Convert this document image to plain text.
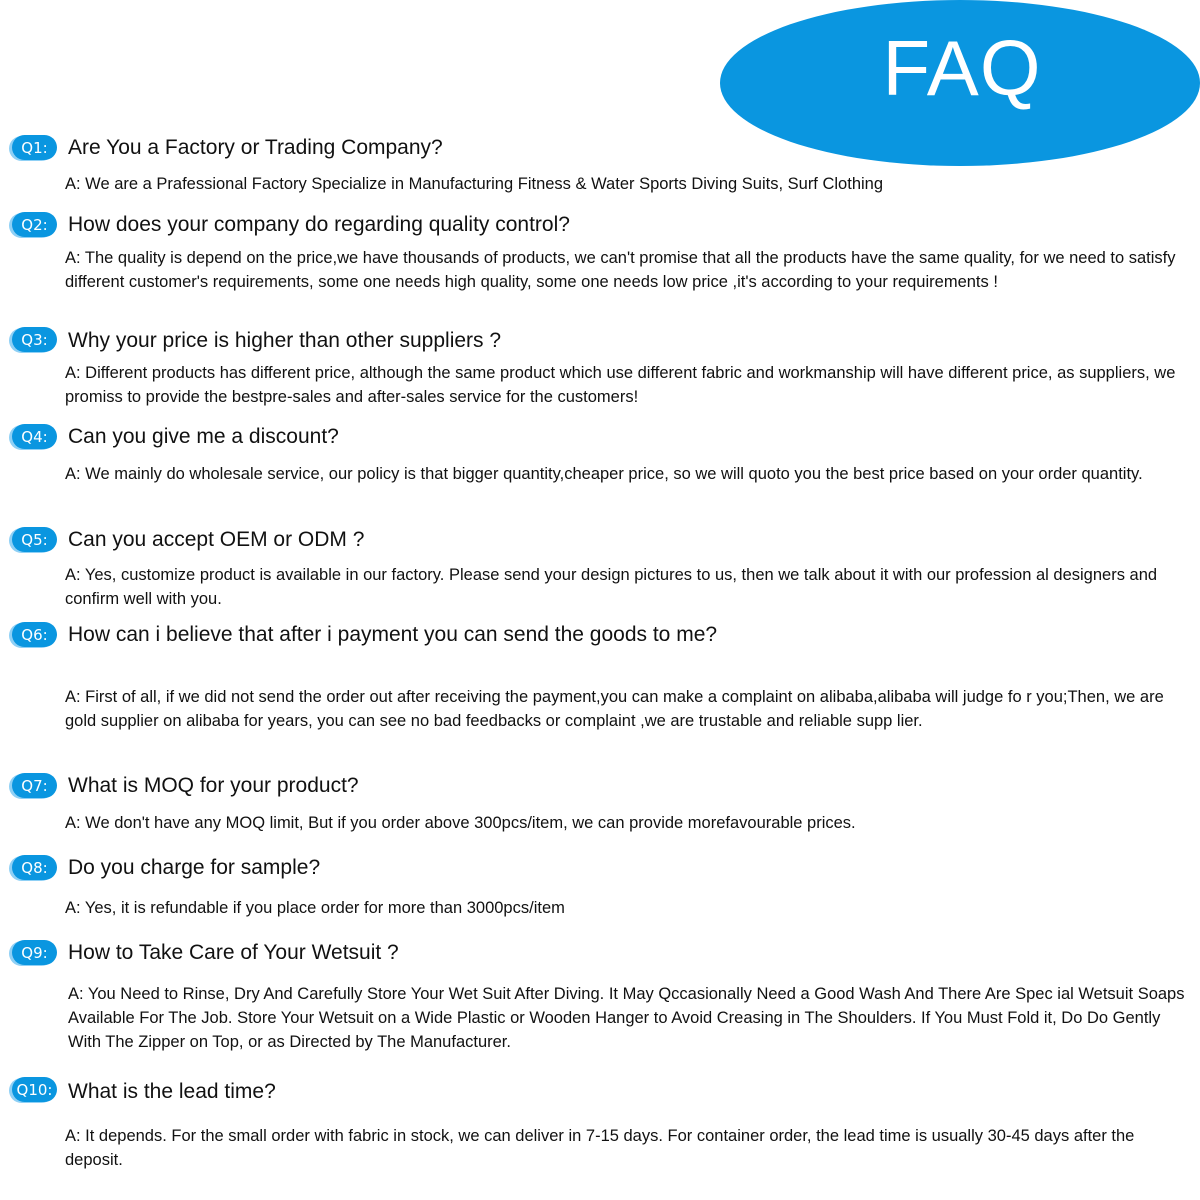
FAQ
Q1: Are You a Factory or Trading Company?
A: We are a Prafessional Factory Specialize in Manufacturing Fitness & Water Sports Diving Suits, Surf Clothing
Q2: How does your company do regarding quality control?
A: The quality is depend on the price,we have thousands of products, we can't promise that all the products have the same quality, for we need to satisfy different customer's requirements, some one needs high quality, some one needs low price ,it's according to your requirements !
Q3: Why your price is higher than other suppliers ?
A: Different products has different price, although the same product which use different fabric and workmanship will have different price, as suppliers, we promiss to provide the bestpre-sales and after-sales service for the customers!
Q4: Can you give me a discount?
A: We mainly do wholesale service, our policy is that bigger quantity,cheaper price, so we will quoto you the best price based on your order quantity.
Q5: Can you accept OEM or ODM ?
A: Yes, customize product is available in our factory. Please send your design pictures to us, then we talk about it with our profession al designers and confirm well with you.
Q6: How can i believe that after i payment you can send the goods to me?
A: First of all, if we did not send the order out after receiving the payment,you can make a complaint on alibaba,alibaba will judge fo r you;Then, we are gold supplier on alibaba for years, you can see no bad feedbacks or complaint ,we are trustable and reliable supp lier.
Q7: What is MOQ for your product?
A: We don't have any MOQ limit, But if you order above 300pcs/item, we can provide morefavourable prices.
Q8: Do you charge for sample?
A: Yes, it is refundable if you place order for more than 3000pcs/item
Q9: How to Take Care of Your Wetsuit ?
A: You Need to Rinse, Dry And Carefully Store Your Wet Suit After Diving. It May Qccasionally Need a Good Wash And There Are Spec ial Wetsuit Soaps Available For The Job. Store Your Wetsuit on a Wide Plastic or Wooden Hanger to Avoid Creasing in The Shoulders. If You Must Fold it, Do Do Gently With The Zipper on Top, or as Directed by The Manufacturer.
Q10: What is the lead time?
A: It depends. For the small order with fabric in stock, we can deliver in 7-15 days. For container order, the lead time is usually 30-45 days after the deposit.
